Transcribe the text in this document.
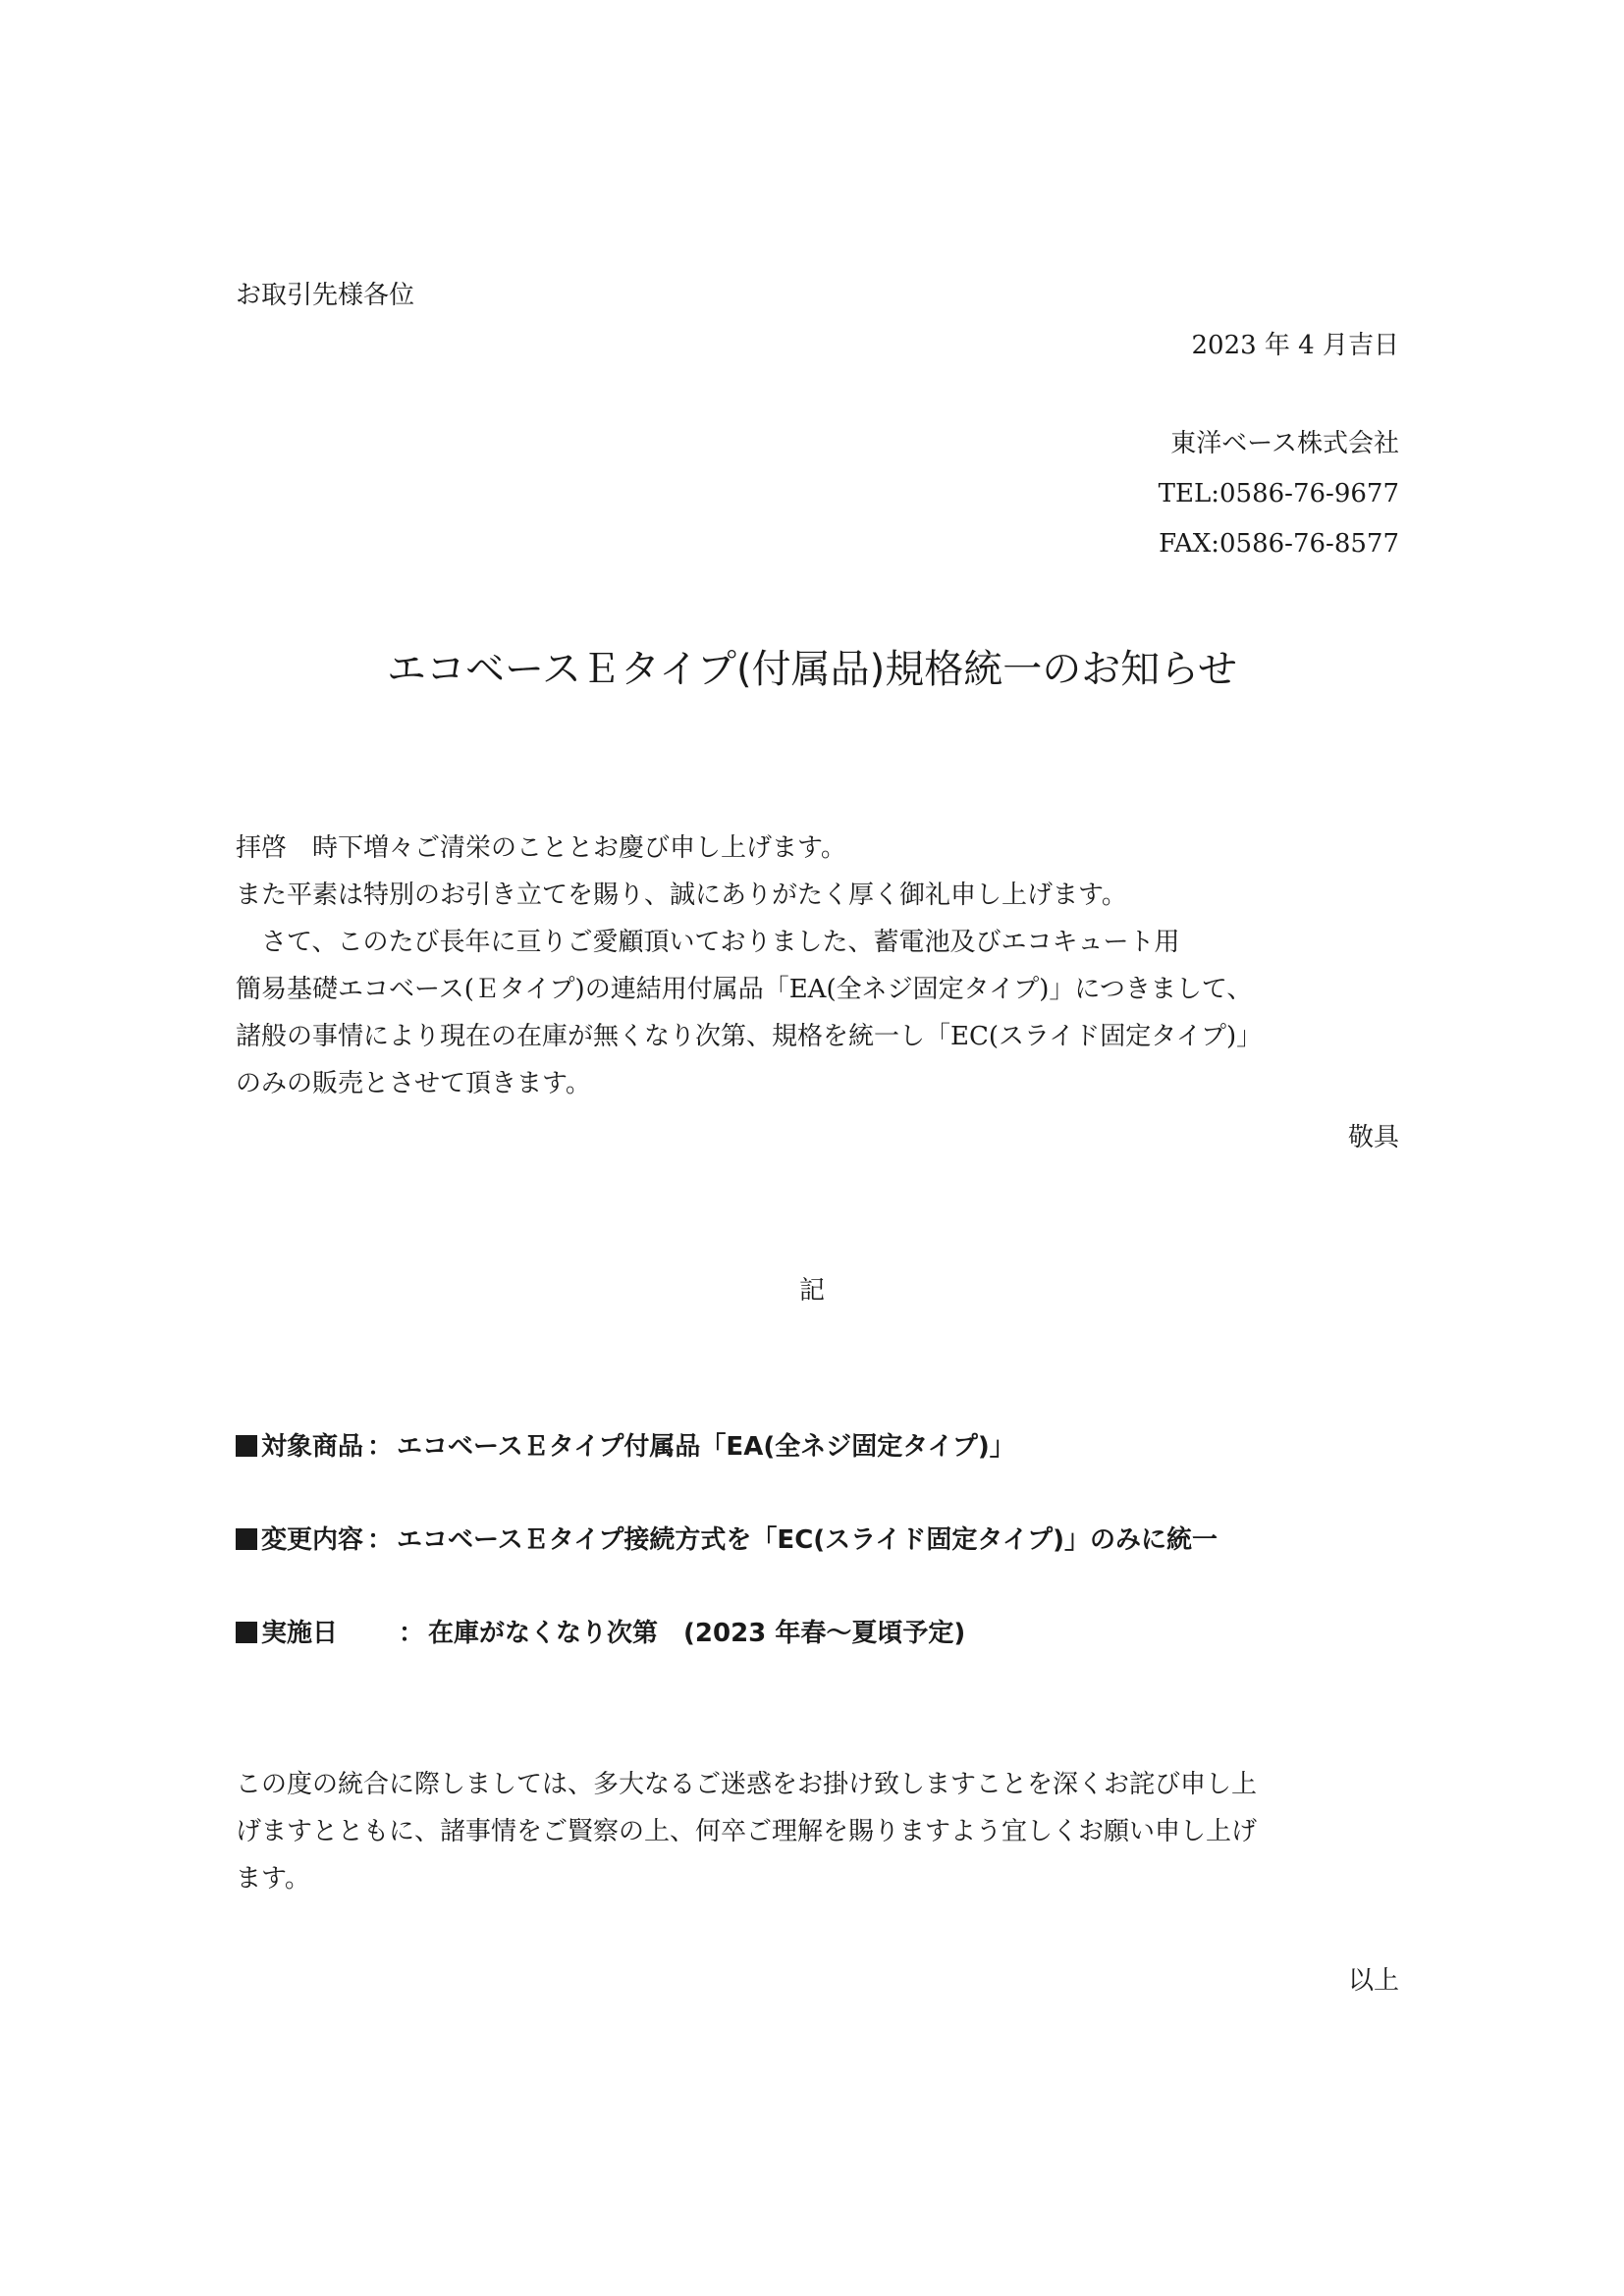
お取引先様各位
2023 年 4 月吉日
東洋ベース株式会社
TEL:0586-76-9677
FAX:0586-76-8577
エコベースＥタイプ(付属品)規格統一のお知らせ
拝啓　時下増々ご清栄のこととお慶び申し上げます。
また平素は特別のお引き立てを賜り、誠にありがたく厚く御礼申し上げます。
　さて、このたび長年に亘りご愛顧頂いておりました、蓄電池及びエコキュート用
簡易基礎エコベース(Ｅタイプ)の連結用付属品「EA(全ネジ固定タイプ)」につきまして、
諸般の事情により現在の在庫が無くなり次第、規格を統一し「EC(スライド固定タイプ)」
のみの販売とさせて頂きます。
敬具
記
対象商品 ： エコベースＥタイプ付属品「EA(全ネジ固定タイプ)」
変更内容 ： エコベースＥタイプ接続方式を「EC(スライド固定タイプ)」のみに統一
実施日 ： 在庫がなくなり次第　(2023 年春～夏頃予定)
この度の統合に際しましては、多大なるご迷惑をお掛け致しますことを深くお詫び申し上
げますとともに、諸事情をご賢察の上、何卒ご理解を賜りますよう宜しくお願い申し上げ
ます。
以上
